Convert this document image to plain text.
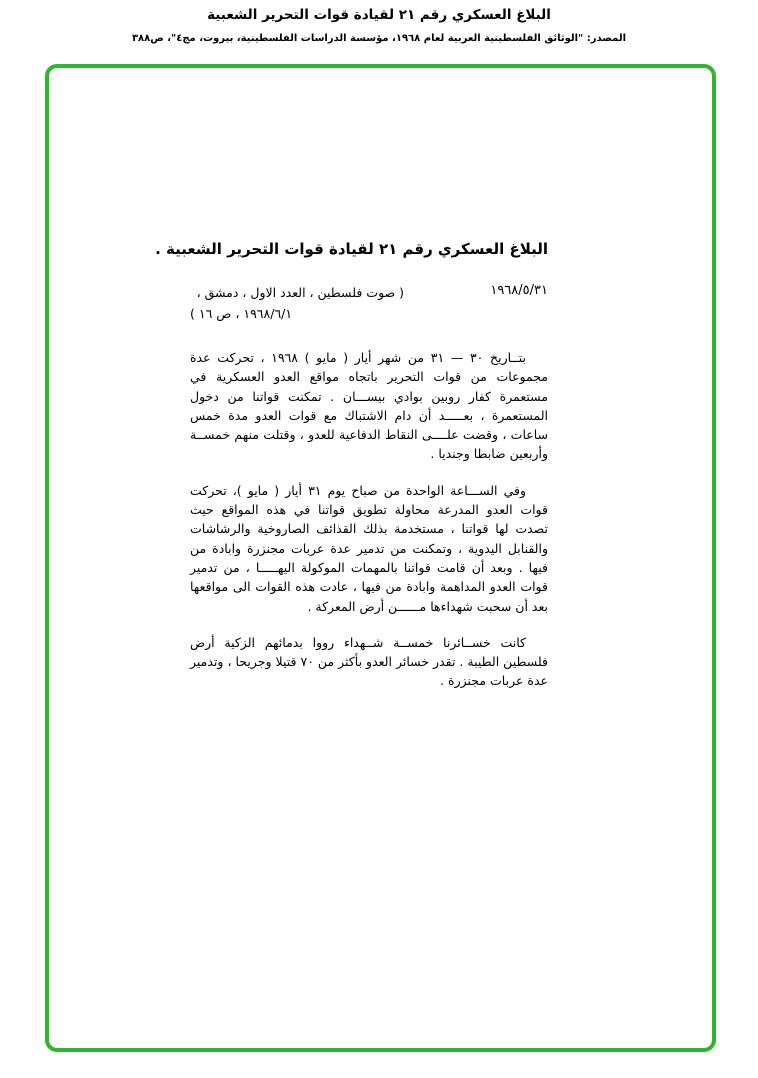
البلاغ العسكري رقم ٢١ لقيادة قوات التحرير الشعبية
المصدر: "الوثائق الفلسطينية العربية لعام ١٩٦٨، مؤسسة الدراسات الفلسطينية، بيروت، مج٤"، ص٣٨٨
البلاغ العسكري رقم ٢١ لقيادة قوات التحرير الشعبية .
١٩٦٨/٥/٣١
( صوت فلسطين ، العدد الاول ، دمشق ،
١٩٦٨/٦/١ ، ص ١٦ )

بتــاريخ ٣٠ — ٣١ من شهر أيار ( مايو ) ١٩٦٨ ، تحركت عدة مجموعات من قوات التحرير باتجاه مواقع العدو العسكرية في مستعمرة كفار روبين بوادي بيســـان . تمكنت قواتنا من دخول المستعمرة ، بعـــــد أن دام الاشتباك مع قوات العدو مدة خمس ساعات ، وقضت علــــى النقاط الدفاعية للعدو ، وقتلت منهم خمســة وأربعين ضابطا وجنديا .

وفي الســـاعة الواحدة من صباح يوم ٣١ أيار ( مايو )، تحركت قوات العدو المدرعة محاولة تطويق قواتنا في هذه المواقع حيث تصدت لها قواتنا ، مستخدمة بذلك القذائف الصاروخية والرشاشات والقنابل اليدوية ، وتمكنت من تدمير عدة عربات مجنزرة وابادة من فيها . وبعد أن قامت قواتنا بالمهمات الموكولة اليهـــــا ، من تدمير قوات العدو المداهمة وابادة من فيها ، عادت هذه القوات الى مواقعها بعد أن سحبت شهداءها مــــــن أرض المعركة .

كانت خســائرنا خمســة شــهداء رووا بدمائهم الزكية أرض فلسطين الطيبة . تقدر خسائر العدو بأكثر من ٧٠ قتيلا وجريحا ، وتدمير عدة عربات مجنزرة .
